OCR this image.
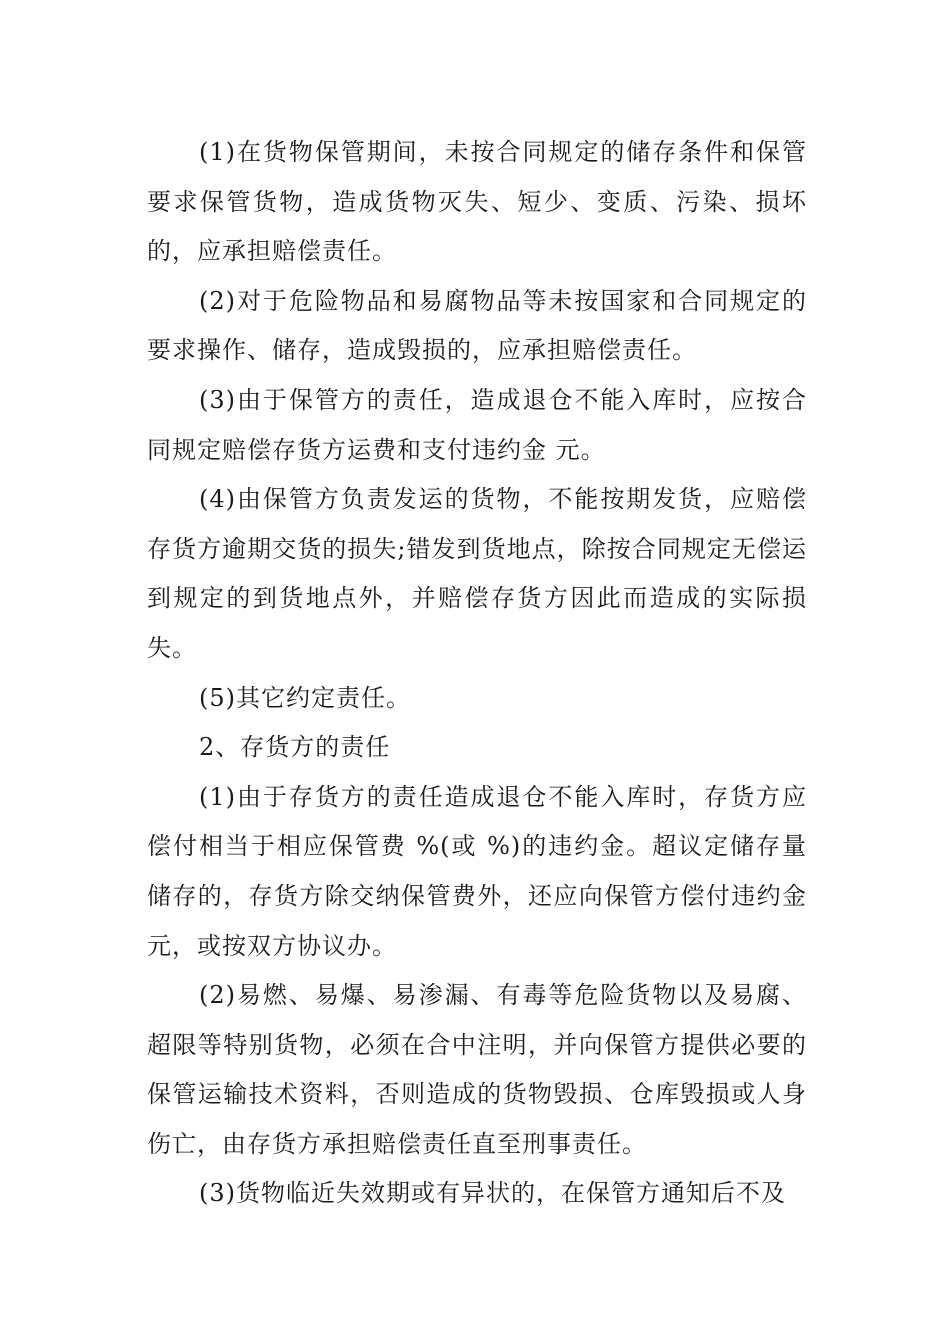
(1)在货物保管期间，未按合同规定的储存条件和保管要求保管货物，造成货物灭失、短少、变质、污染、损坏的，应承担赔偿责任。

(2)对于危险物品和易腐物品等未按国家和合同规定的要求操作、储存，造成毁损的，应承担赔偿责任。

(3)由于保管方的责任，造成退仓不能入库时，应按合同规定赔偿存货方运费和支付违约金 元。

(4)由保管方负责发运的货物，不能按期发货，应赔偿存货方逾期交货的损失;错发到货地点，除按合同规定无偿运到规定的到货地点外，并赔偿存货方因此而造成的实际损失。

(5)其它约定责任。

2、存货方的责任

(1)由于存货方的责任造成退仓不能入库时，存货方应偿付相当于相应保管费 %(或 %)的违约金。超议定储存量储存的，存货方除交纳保管费外，还应向保管方偿付违约金 元，或按双方协议办。

(2)易燃、易爆、易渗漏、有毒等危险货物以及易腐、超限等特别货物，必须在合中注明，并向保管方提供必要的保管运输技术资料，否则造成的货物毁损、仓库毁损或人身伤亡，由存货方承担赔偿责任直至刑事责任。

(3)货物临近失效期或有异状的，在保管方通知后不及
